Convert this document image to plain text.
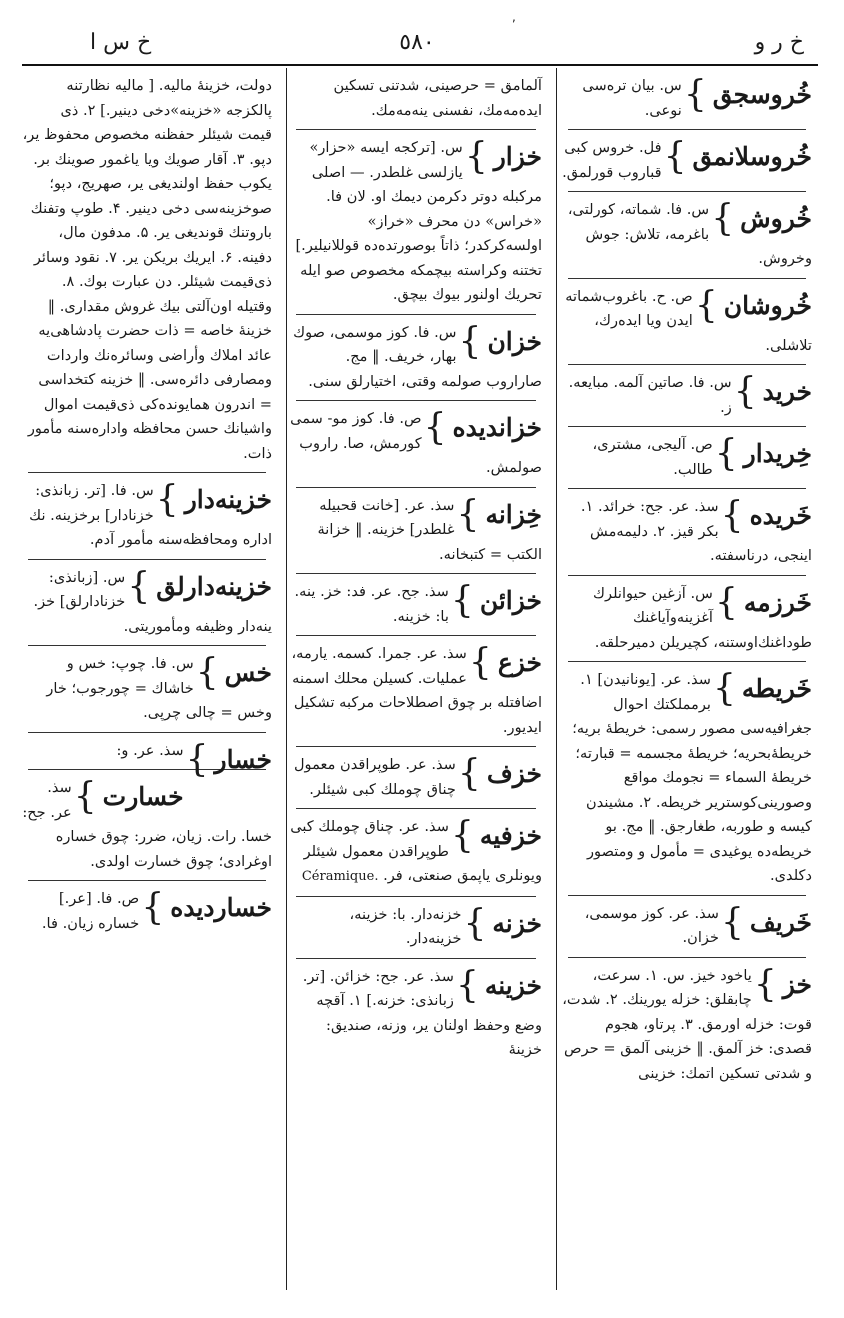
,
خ ر و
٥٨٠
خ س ا
خُروسجق
}
س. بیان تره‌سی نوعی.
خُروسلانمق
}
فل. خروس کبی قباروب قورلمق.
خُروش
}
س. فا. شماته، کورلتی، باغرمه، تلاش: جوش وخروش.
خُروشان
}
ص. ح. باغروب‌شماته ایدن ویا ایده‌رك، تلاشلی.
خرید
}
س. فا. صاتین آلمه. مبایعه. ز.
خِریدار
}
ص. آلیجی، مشتری، طالب.
خَریده
}
سذ. عر. جح: خرائد. ۱. بکر قیز. ۲. دلیمه‌مش اینجی، درناسفته.
خَرزمه
}
س. آزغین حیوانلرك آغزینه‌وآیاغنك طوداغنك‌اوستنه، کچیریلن دمیرحلقه.
خَریطه
}
سذ. عر. [یونانیدن] ۱. برمملکتك احوال جغرافیه‌سی مصور رسمی: خریطهٔ بریه؛ خریطهٔ‌بحریه؛ خریطهٔ مجسمه = قبارته؛ خریطهٔ السماء = نجومك مواقع وصورینی‌کوستریر خریطه. ۲. مشیندن کیسه و طوربه، طغارجق. ‖ مج. بو خریطه‌ده یوغیدی = مأمول و ومتصور دکلدی.
خَریف
}
سذ. عر. کوز موسمی، خزان.
خز
}
یاخود خیز. س. ۱. سرعت، چابقلق: خزله یورینك. ۲. شدت، قوت: خزله اورمق. ۳. پرتاو، هجوم قصدی: خز آلمق. ‖ خزینی آلمق = حرص و شدتی تسکین اتمك: خزینی
آلمامق = حرصینی، شدتنی تسکین ایده‌مه‌مك، نفسنی ینه‌مه‌مك.
خزار
}
س. [ترکجه ایسه «حزار» یازلسی غلطدر. — اصلی مرکبله دوتر دکرمن دیمك او. لان فا. «خراس» دن محرف «خراز» اولسه‌کرکدر؛ ذاتاً بوصورتده‌ده قوللانیلیر.] تختنه وکراسته بیچمکه مخصوص صو ایله تحریك اولنور بیوك بیچق.
خزان
}
س. فا. کوز موسمی، صوك بهار، خریف. ‖ مج. صاراروب صولمه وقتی، اختیارلق سنی.
خزاندیده
}
ص. فا. کوز مو- سمی کورمش، صا. راروب صولمش.
خِزانه
}
سذ. عر. [خانت قحبیله غلطدر] خزینه. ‖ خزانة الکتب = کتبخانه.
خزائن
}
سذ. جح. عر. فد: خز. ینه. با: خزینه.
خزع
}
سذ. عر. جمرا. کسمه. یارمه، عملیات. کسیلن محلك اسمنه اضافتله بر چوق اصطلاحات مرکبه تشکیل ایدیور.
خزف
}
سذ. عر. طوپراقدن معمول چناق چوملك کبی شیئلر.
خزفیه
}
سذ. عر. چناق چوملك کبی طوپراقدن معمول شیئلر ویونلری یاپمق صنعتی، فر. Céramique.
خزنه
}
خزنه‌دار. با: خزینه، خزینه‌دار.
خزینه
}
سذ. عر. جح: خزائن. [تر. زبانذی: خزنه.] ۱. آقچه وضع وحفظ اولنان یر، وزنه، صندیق: خزینهٔ
دولت، خزینهٔ مالیه. [ مالیه نظارتنه پالکزجه «خزینه»دخی دینیر.] ۲. ذی قیمت شیئلر حفظنه مخصوص محفوظ یر، دپو. ۳. آقار صویك ویا یاغمور صوینك بر. یکوب حفظ اولندیغی یر، صهریج، دپو؛ صوخزینه‌سی دخی دینیر. ۴. طوپ وتفنك باروتنك قوندیغی یر. ۵. مدفون مال، دفینه. ۶. ایریك بریکن یر. ۷. نقود وسائر ذی‌قیمت شیئلر. دن عبارت بوك. ۸. وقتیله اون‌آلتی بیك غروش مقداری. ‖ خزینهٔ خاصه = ذات حضرت پادشاهی‌یه عائد املاك وأراضی وسائره‌نك واردات ومصارفی دائره‌سی. ‖ خزینه کتخداسی = اندرون همایونده‌کی ذی‌قیمت اموال واشیانك حسن محافظه واداره‌سنه مأمور ذات.
خزینه‌دار
}
س. فا. [تر. زبانذی: خزنادار] برخزینه. نك اداره ومحافظه‌سنه مأمور آدم.
خزینه‌دارلق
}
س. [زبانذی: خزنادارلق] خز. ینه‌دار وظیفه ومأموریتی.
خس
}
س. فا. چوپ: خس و خاشاك = چورجوب؛ خار وخس = چالی چرپی.
خسار
}
سذ. عر. و:
خسارت
}
سذ. عر. جح: خسا. رات. زیان، ضرر: چوق خساره اوغرادی؛ چوق خسارت اولدی.
خساردیده
}
ص. فا. [عر.] خساره زیان. فا.
